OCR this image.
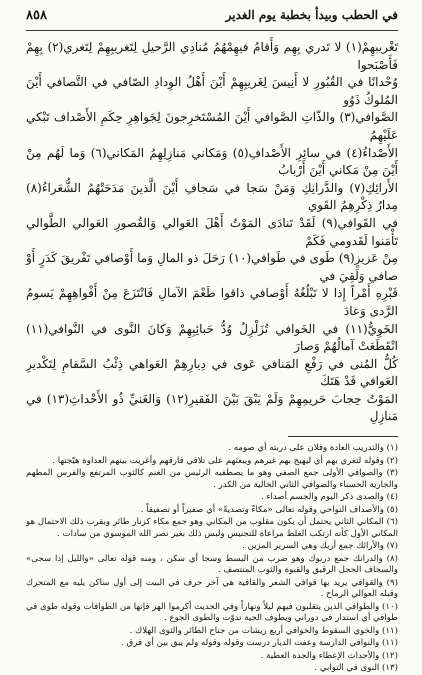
في الحطب وبيدأ بخطبة يوم الغدير
٨٥٨

تَغْريبهِمْ(١) لا تَدري بِهِم وَأَقامُ فيهِمْهُمُ مُنادِي الرَّحيلِ لِتَغريبِهِمْ لِتَغري(٢) بِهِمْ فَأَصْبَحوا

وُحْدانًا في القُبُورِ لا أَنِيسَ لِغَريبِهِمْ أَيْنَ أَهْلُ الوِدادِ الصّافي في التَّصافي أَيْنَ المُلوكُ ذَوُو

الصَّوافي(٣) والذّاتِ الصَّوافي أَيْنَ المُسْتَخرِجونَ لِجَواهِرِ حِكَمِ الأَصْداف تَبْكي عَلَيْهِمُ

الأَصْداءُ(٤) في سائِرِ الأَصْدافِ(٥) وَمَكاني مَنازِلِهِمُ المَكاني(٦) وَما لَهُم مِنْ أَيْنَ مِنْ مَكاني أَيْنَ أَرْبابُ

الأَرائِكِ(٧) والدَّرانِكِ وَمَنْ سَجا في سَجافِ أَيْنَ الَّذينَ مَدَحَتْهُمُ الشُّعَراءُ(٨) مِدارُ ذِكْرِهِمُ القَوي

في القَوافي(٩) لَقَدْ تَنادَى المَوْتُ أَهْلَ العَوالي وَالقُصورِ العَوالي الطَّوالي تَأْمَنوا لَقَدومي فَكَمْ

مِنْ عَزيزٍ(٩) طَوى في طَوافي(١٠) رَحَلَ ذو المالِ وَما أَوْصافي تَفْريقَ كَدَرٍ أَوْ صافي وَلَقِيَ في

قَبْرِهِ أَمْراً إِذا لا تَبْلُغُهُ أَوْصافي ذاقوا طَعْمَ الآمالِ فَانْتَزَعَ مِنْ أَفْواهِهِمْ يَسومُ الرَّدى وَعادَ

الخَوِيُّ(١١) في الخَوافي تُزَلْزِلُ وُدُّ حَبائِبِهِمْ وَكانَ النَّوى في النَّوافي(١١) انْقَطَعَتْ آمالُهُمْ وَصارَ

كُلُّ المُنى في رَفْعِ المَنافي عَوى في دِيارِهِمْ العَواهي ذِئْبُ السَّقامِ لِتَكْديرِ العَوافي قَدْ هَتَكَ

المَوْتُ حِجابَ حَريمِهِمْ وَلَمْ يَبْقَ بَيْنَ الفَقيرِ(١٢) وَالغَنيِّ ذُو الأَحْداثِ(١٣) في مَنازِلِ

(١) والتدريب العادة وفلان على دربته أي صومه .

(٢) وقوله لتغري بهم أي ليهيج بهم غيرهم ويبعثهم على تلافي فارقهم وأغريت بينهم العداوة هيّجتها .

(٣) والصوافي الأولى جمع الصفي وهو ما يصطفيه الرئيس من الغنم كالثوب المرتفع والفرس المطهم والجارية الحسناء والصوافي الثاني الخالية من الكدر .

(٤) والصدى ذكر اليوم والجسم أصداء .

(٥) والأصداف النواحي وقوله تعالى «مكاءً وتصديةً» أي صفيراً أو تصفيقاً .

(٦) المكاني الثاني يحتمل أن يكون مقلوب من المكاني وهو جمع مكاء كزنار طائر ويقرب ذلك الاحتمال هو المكاني الأول كأنه ارتكب الغلط مراعاة للتجنيس ولبس ذلك بغير نصر الله الموسوي من سادات .

(٧) والأرائك جمع أريك وهي السرير المزين .

(٨) والدرانك جمع درنوك وهو ضرب من البسط وسجا أي سكن ، ومنه قوله تعالى «والليل إذا سجى» والسجاف الحجل الرقيق والقبوة والثوب المنتصف .

(٩) والقوافي يريد بها قوافي الشعر والقافية هي آخر حرف في البيت إلى أول ساكن يليه مع المتحرك وقبله العوالي الرماح .

(١٠) والطوافي الذين يتقلبون فيهم ليلاً ونهاراً وفي الحديث أكرموا الهر فإنها من الطوافات وقوله طوى في طوافي أي استدار في دوراني ويطوف الحية تدوّت والطوى الجوع .

(١١) والخوي السقوط والخوافي أربع ريشات من جناح الطائر والثوى الهلاك .

(١١) والنوافي الدارسة وعفت الديار درست وقوله وقوله ولم يبق بين أي فرق .

(١٢) والأجداث الإعطاء والجدة العطية .

(١٣) النوى في التوابي .
